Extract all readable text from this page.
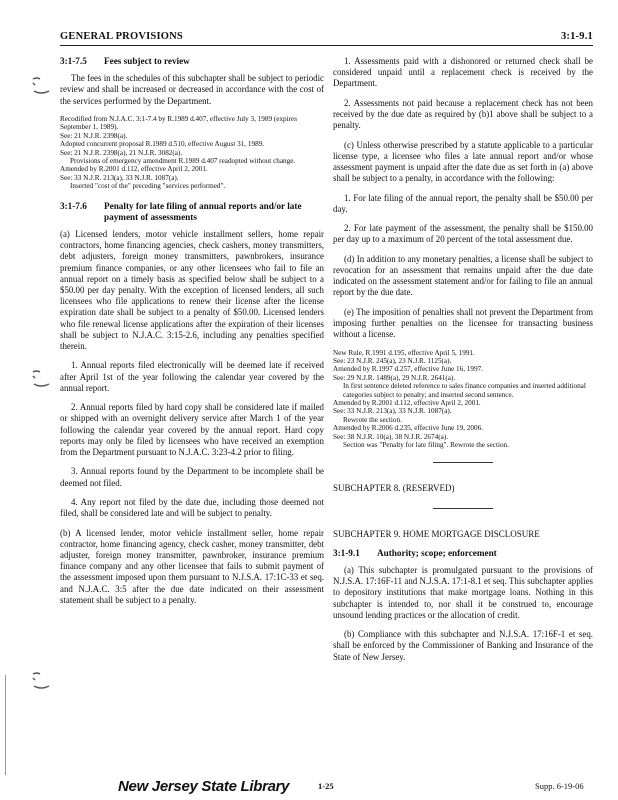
GENERAL PROVISIONS	3:1-9.1
3:1-7.5 Fees subject to review

The fees in the schedules of this subchapter shall be subject to periodic review and shall be increased or decreased in accordance with the cost of the services performed by the Department.

Recodified from N.J.A.C. 3:1-7.4 by R.1989 d.407, effective July 3, 1989 (expires September 1, 1989).
See: 21 N.J.R. 2398(a).
Adopted concurrent proposal R.1989 d.510, effective August 31, 1989.
See: 21 N.J.R. 2398(a), 21 N.J.R. 3082(a).
Provisions of emergency amendment R.1989 d.407 readopted without change.
Amended by R.2001 d.112, effective April 2, 2001.
See: 33 N.J.R. 213(a), 33 N.J.R. 1087(a).
Inserted "cost of the" preceding "services performed".
3:1-7.6	Penalty for late filing of annual reports and/or late payment of assessments

(a) Licensed lenders, motor vehicle installment sellers, home repair contractors, home financing agencies, check cashers, money transmitters, debt adjusters, foreign money transmitters, pawnbrokers, insurance premium finance companies, or any other licensees who fail to file an annual report on a timely basis as specified below shall be subject to a $50.00 per day penalty. With the exception of licensed lenders, all such licensees who file applications to renew their license after the license expiration date shall be subject to a penalty of $50.00. Licensed lenders who file renewal license applications after the expiration of their licenses shall be subject to N.J.A.C. 3:15-2.6, including any penalties specified therein.

1. Annual reports filed electronically will be deemed late if received after April 1st of the year following the calendar year covered by the annual report.

2. Annual reports filed by hard copy shall be considered late if mailed or shipped with an overnight delivery service after March 1 of the year following the calendar year covered by the annual report. Hard copy reports may only be filed by licensees who have received an exemption from the Department pursuant to N.J.A.C. 3:23-4.2 prior to filing.

3. Annual reports found by the Department to be incomplete shall be deemed not filed.

4. Any report not filed by the date due, including those deemed not filed, shall be considered late and will be subject to penalty.

(b) A licensed lender, motor vehicle installment seller, home repair contractor, home financing agency, check casher, money transmitter, debt adjuster, foreign money transmitter, pawnbroker, insurance premium finance company and any other licensee that fails to submit payment of the assessment imposed upon them pursuant to N.J.S.A. 17:1C-33 et seq. and N.J.A.C. 3:5 after the due date indicated on their assessment statement shall be subject to a penalty.

1. Assessments paid with a dishonored or returned check shall be considered unpaid until a replacement check is received by the Department.

2. Assessments not paid because a replacement check has not been received by the due date as required by (b)1 above shall be subject to a penalty.

(c) Unless otherwise prescribed by a statute applicable to a particular license type, a licensee who files a late annual report and/or whose assessment payment is unpaid after the date due as set forth in (a) above shall be subject to a penalty, in accordance with the following:

1. For late filing of the annual report, the penalty shall be $50.00 per day.

2. For late payment of the assessment, the penalty shall be $150.00 per day up to a maximum of 20 percent of the total assessment due.

(d) In addition to any monetary penalties, a license shall be subject to revocation for an assessment that remains unpaid after the due date indicated on the assessment statement and/or for failing to file an annual report by the due date.

(e) The imposition of penalties shall not prevent the Department from imposing further penalties on the licensee for transacting business without a license.

New Rule, R.1991 d.195, effective April 5, 1991.
See: 23 N.J.R. 245(a), 23 N.J.R. 1125(a).
Amended by R.1997 d.257, effective June 16, 1997.
See: 29 N.J.R. 1489(a), 29 N.J.R. 2641(a).
In first sentence deleted reference to sales finance companies and inserted additional categories subject to penalty; and inserted second sentence.
Amended by R.2001 d.112, effective April 2, 2001.
See: 33 N.J.R. 213(a), 33 N.J.R. 1087(a).
Rewrote the section.
Amended by R.2006 d.235, effective June 19, 2006.
See: 38 N.J.R. 10(a), 38 N.J.R. 2674(a).
Section was "Penalty for late filing". Rewrote the section.

SUBCHAPTER 8. (RESERVED)

SUBCHAPTER 9. HOME MORTGAGE DISCLOSURE

3:1-9.1 Authority; scope; enforcement

(a) This subchapter is promulgated pursuant to the provisions of N.J.S.A. 17:16F-11 and N.J.S.A. 17:1-8.1 et seq. This subchapter applies to depository institutions that make mortgage loans. Nothing in this subchapter is intended to, nor shall it be construed to, encourage unsound lending practices or the allocation of credit.

(b) Compliance with this subchapter and N.J.S.A. 17:16F-1 et seq. shall be enforced by the Commissioner of Banking and Insurance of the State of New Jersey.

New Jersey State Library	1-25	Supp. 6-19-06
